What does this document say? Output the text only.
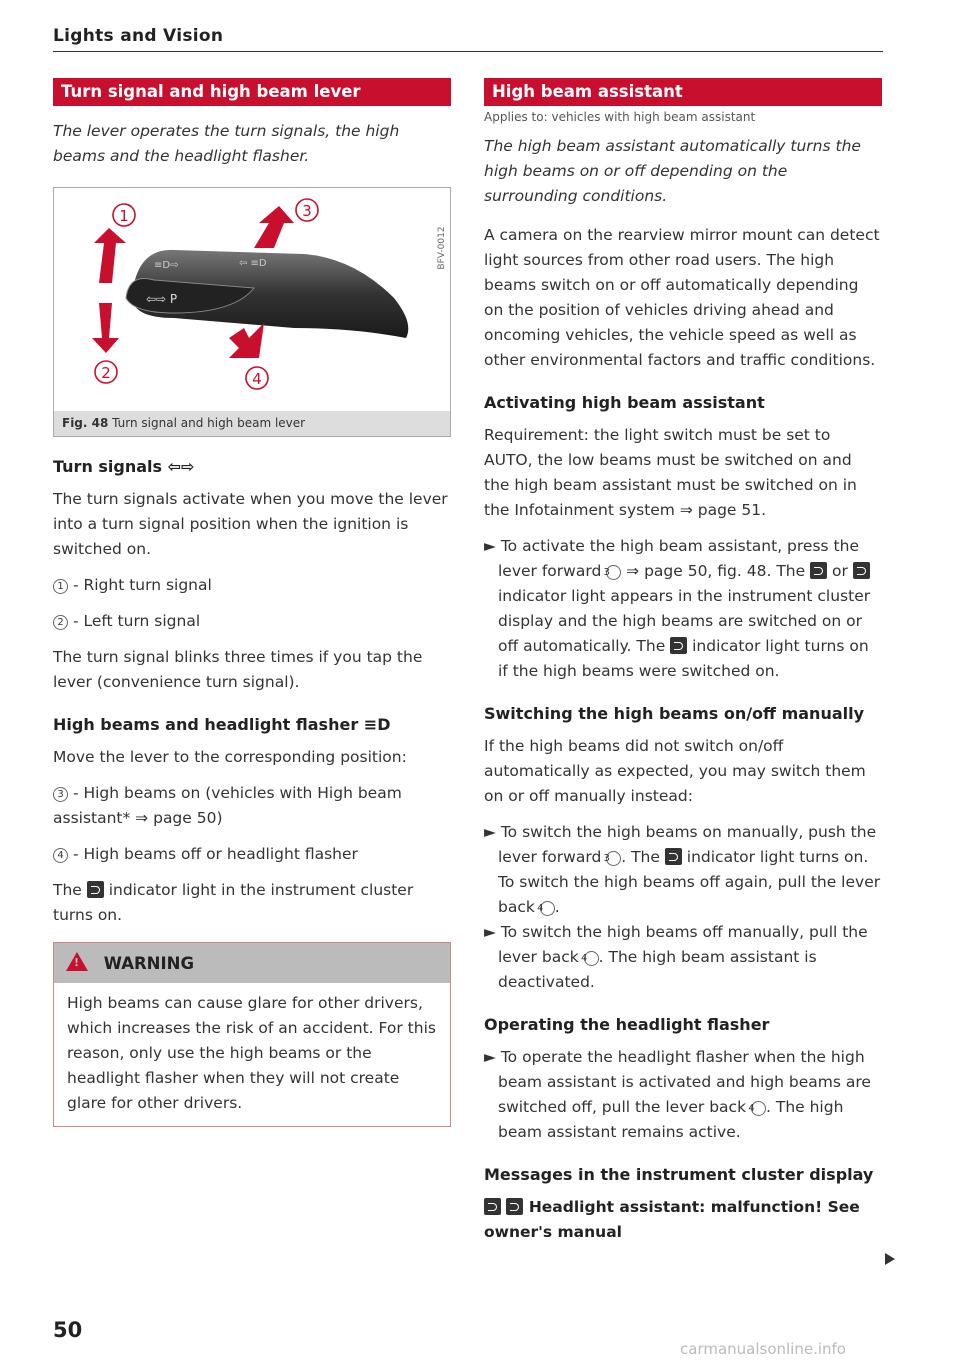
Lights and Vision
Turn signal and high beam lever
The lever operates the turn signals, the high beams and the headlight flasher.
⇦⇨ P
≡D⇨	⇦ ≡D
1
2
3
4
BFV-0012
Fig. 48 Turn signal and high beam lever
Turn signals ⇦⇨

The turn signals activate when you move the lever into a turn signal position when the ignition is switched on.

1 - Right turn signal

2 - Left turn signal

The turn signal blinks three times if you tap the lever (convenience turn signal).

High beams and headlight flasher ≡D

Move the lever to the corresponding position:

3 - High beams on (vehicles with High beam assistant* ⇒ page 50)

4 - High beams off or headlight flasher

The indicator light in the instrument cluster turns on.

! WARNING
High beams can cause glare for other drivers, which increases the risk of an accident. For this reason, only use the high beams or the headlight flasher when they will not create glare for other drivers.
High beam assistant
Applies to: vehicles with high beam assistant
The high beam assistant automatically turns the high beams on or off depending on the surrounding conditions.

A camera on the rearview mirror mount can detect light sources from other road users. The high beams switch on or off automatically depending on the position of vehicles driving ahead and oncoming vehicles, the vehicle speed as well as other environmental factors and traffic conditions.

Activating high beam assistant

Requirement: the light switch must be set to AUTO, the low beams must be switched on and the high beam assistant must be switched on in the Infotainment system ⇒ page 51.

► To activate the high beam assistant, press the lever forward 3 ⇒ page 50, fig. 48. The or  indicator light appears in the instrument cluster display and the high beams are switched on or off automatically. The indicator light turns on if the high beams were switched on.

Switching the high beams on/off manually

If the high beams did not switch on/off automatically as expected, you may switch them on or off manually instead:

► To switch the high beams on manually, push the lever forward 3 . The indicator light turns on. To switch the high beams off again, pull the lever back 4 .

► To switch the high beams off manually, pull the lever back 4 . The high beam assistant is deactivated.

Operating the headlight flasher

► To operate the headlight flasher when the high beam assistant is activated and high beams are switched off, pull the lever back 4 . The high beam assistant remains active.

Messages in the instrument cluster display

Headlight assistant: malfunction! See owner's manual

50
carmanualsonline.info
